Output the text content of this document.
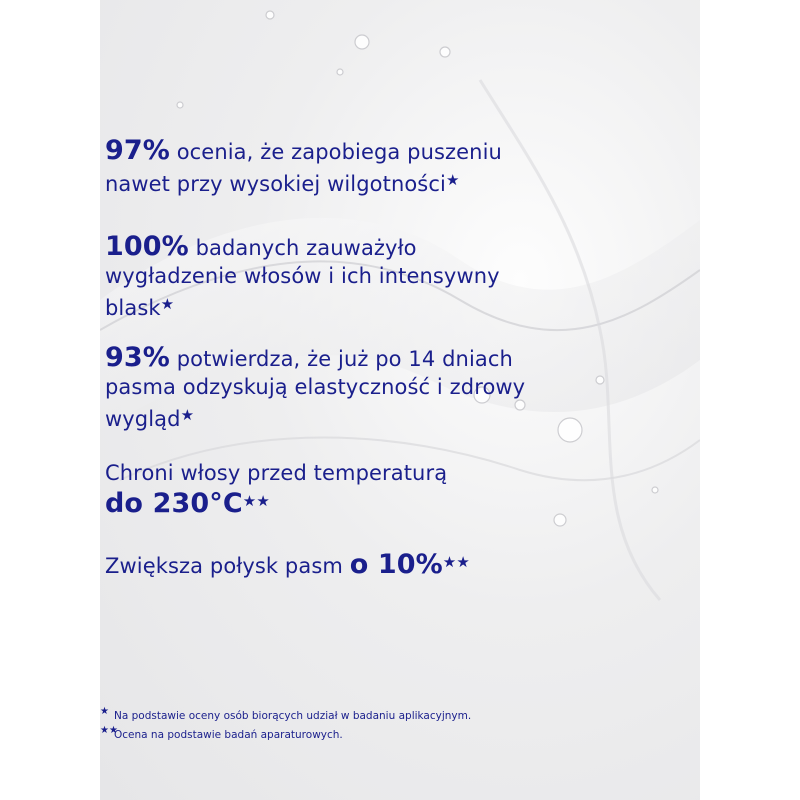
97% ocenia, że zapobiega puszeniu
nawet przy wysokiej wilgotności★

100% badanych zauważyło
wygładzenie włosów i ich intensywny
blask★

93% potwierdza, że już po 14 dniach
pasma odzyskują elastyczność i zdrowy
wygląd★

Chroni włosy przed temperaturą
do 230°C★★

Zwiększa połysk pasm o 10%★★

★ Na podstawie oceny osób biorących udział w badaniu aplikacyjnym.
★★
Ocena na podstawie badań aparaturowych.
